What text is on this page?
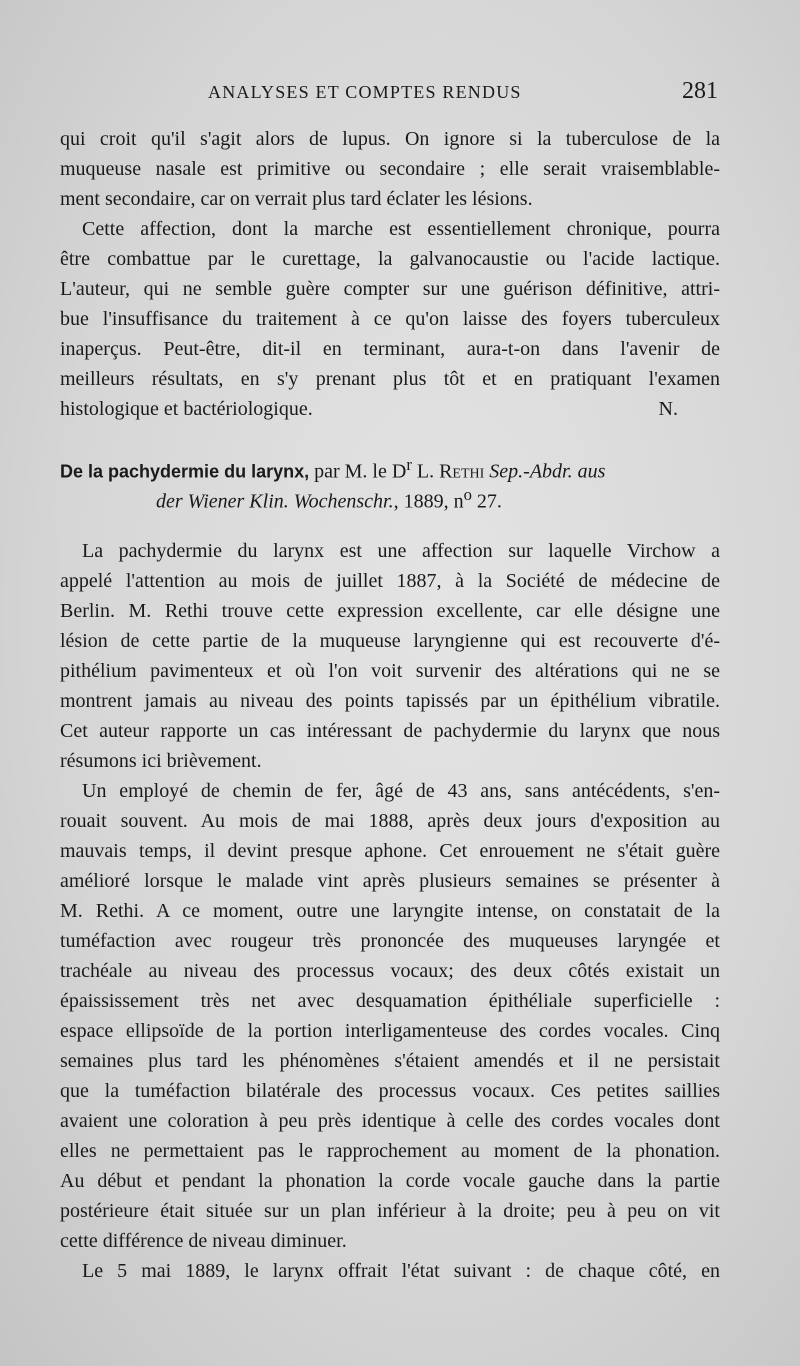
ANALYSES ET COMPTES RENDUS	281
qui croit qu'il s'agit alors de lupus. On ignore si la tuberculose de la
muqueuse nasale est primitive ou secondaire ; elle serait vraisemblable-
ment secondaire, car on verrait plus tard éclater les lésions.
Cette affection, dont la marche est essentiellement chronique, pourra
être combattue par le curettage, la galvanocaustie ou l'acide lactique.
L'auteur, qui ne semble guère compter sur une guérison définitive, attri-
bue l'insuffisance du traitement à ce qu'on laisse des foyers tuberculeux
inaperçus. Peut-être, dit-il en terminant, aura-t-on dans l'avenir de
meilleurs résultats, en s'y prenant plus tôt et en pratiquant l'examen
histologique et bactériologique.	N.
De la pachydermie du larynx, par M. le $D^r$ L. Rethi Sep.-Abdr. aus
der Wiener Klin. Wochenschr., 1889, $n^o$ 27.
La pachydermie du larynx est une affection sur laquelle Virchow a
appelé l'attention au mois de juillet 1887, à la Société de médecine de
Berlin. M. Rethi trouve cette expression excellente, car elle désigne une
lésion de cette partie de la muqueuse laryngienne qui est recouverte d'é-
pithélium pavimenteux et où l'on voit survenir des altérations qui ne se
montrent jamais au niveau des points tapissés par un épithélium vibratile.
Cet auteur rapporte un cas intéressant de pachydermie du larynx que nous
résumons ici brièvement.
Un employé de chemin de fer, âgé de 43 ans, sans antécédents, s'en-
rouait souvent. Au mois de mai 1888, après deux jours d'exposition au
mauvais temps, il devint presque aphone. Cet enrouement ne s'était guère
amélioré lorsque le malade vint après plusieurs semaines se présenter à
M. Rethi. A ce moment, outre une laryngite intense, on constatait de la
tuméfaction avec rougeur très prononcée des muqueuses laryngée et
trachéale au niveau des processus vocaux; des deux côtés existait un
épaississement très net avec desquamation épithéliale superficielle :
espace ellipsoïde de la portion interligamenteuse des cordes vocales. Cinq
semaines plus tard les phénomènes s'étaient amendés et il ne persistait
que la tuméfaction bilatérale des processus vocaux. Ces petites saillies
avaient une coloration à peu près identique à celle des cordes vocales dont
elles ne permettaient pas le rapprochement au moment de la phonation.
Au début et pendant la phonation la corde vocale gauche dans la partie
postérieure était située sur un plan inférieur à la droite; peu à peu on vit
cette différence de niveau diminuer.
Le 5 mai 1889, le larynx offrait l'état suivant : de chaque côté, en
